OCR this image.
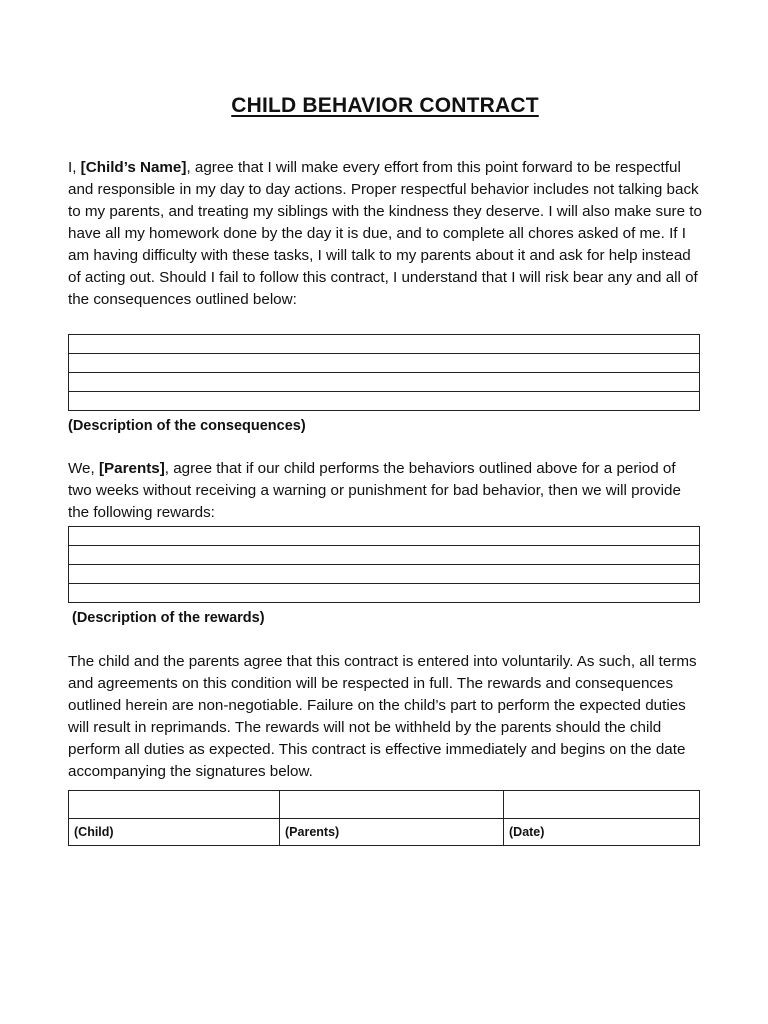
CHILD BEHAVIOR CONTRACT

I, [Child’s Name], agree that I will make every effort from this point forward to be respectful and responsible in my day to day actions. Proper respectful behavior includes not talking back to my parents, and treating my siblings with the kindness they deserve. I will also make sure to have all my homework done by the day it is due, and to complete all chores asked of me. If I am having difficulty with these tasks, I will talk to my parents about it and ask for help instead of acting out. Should I fail to follow this contract, I understand that I will risk bear any and all of the consequences outlined below:

(Description of the consequences)

We, [Parents], agree that if our child performs the behaviors outlined above for a period of two weeks without receiving a warning or punishment for bad behavior, then we will provide the following rewards:

(Description of the rewards)

The child and the parents agree that this contract is entered into voluntarily. As such, all terms and agreements on this condition will be respected in full. The rewards and consequences outlined herein are non-negotiable. Failure on the child’s part to perform the expected duties will result in reprimands. The rewards will not be withheld by the parents should the child perform all duties as expected. This contract is effective immediately and begins on the date accompanying the signatures below.

(Child)	(Parents)	(Date)
